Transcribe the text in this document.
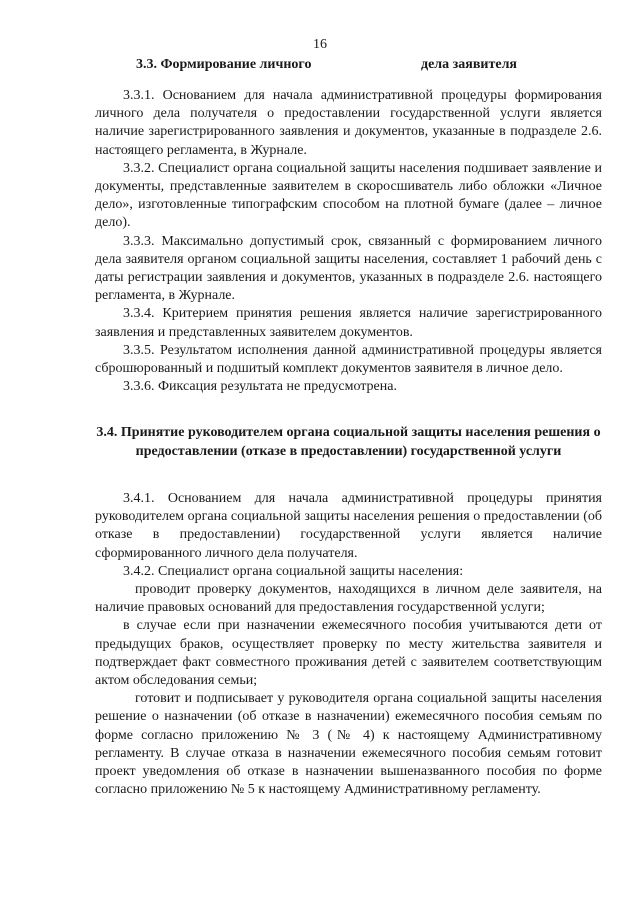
16
3.3. Формирование личного	дела заявителя

3.3.1. Основанием для начала административной процедуры формирования личного дела получателя о предоставлении государственной услуги является наличие зарегистрированного заявления и документов, указанные в подразделе 2.6. настоящего регламента, в Журнале.

3.3.2. Специалист органа социальной защиты населения подшивает заявление и документы, представленные заявителем в скоросшиватель либо обложки «Личное дело», изготовленные типографским способом на плотной бумаге (далее – личное дело).

3.3.3. Максимально допустимый срок, связанный с формированием личного дела заявителя органом социальной защиты населения, составляет 1 рабочий день с даты регистрации заявления и документов, указанных в подразделе 2.6. настоящего регламента, в Журнале.

3.3.4. Критерием принятия решения является наличие зарегистрированного заявления и представленных заявителем документов.

3.3.5. Результатом исполнения данной административной процедуры является сброшюрованный и подшитый комплект документов заявителя в личное дело.

3.3.6. Фиксация результата не предусмотрена.

3.4. Принятие руководителем органа социальной защиты населения решения о предоставлении (отказе в предоставлении) государственной услуги

3.4.1. Основанием для начала административной процедуры принятия руководителем органа социальной защиты населения решения о предоставлении (об отказе в предоставлении) государственной услуги является наличие сформированного личного дела получателя.

3.4.2. Специалист органа социальной защиты населения:

проводит проверку документов, находящихся в личном деле заявителя, на наличие правовых оснований для предоставления государственной услуги;

в случае если при назначении ежемесячного пособия учитываются дети от предыдущих браков, осуществляет проверку по месту жительства заявителя и подтверждает факт совместного проживания детей с заявителем соответствующим актом обследования семьи;

готовит и подписывает у руководителя органа социальной защиты населения решение о назначении (об отказе в назначении) ежемесячного пособия семьям по форме согласно приложению № 3 (№ 4) к настоящему Административному регламенту. В случае отказа в назначении ежемесячного пособия семьям готовит проект уведомления об отказе в назначении вышеназванного пособия по форме согласно приложению № 5 к настоящему Административному регламенту.
